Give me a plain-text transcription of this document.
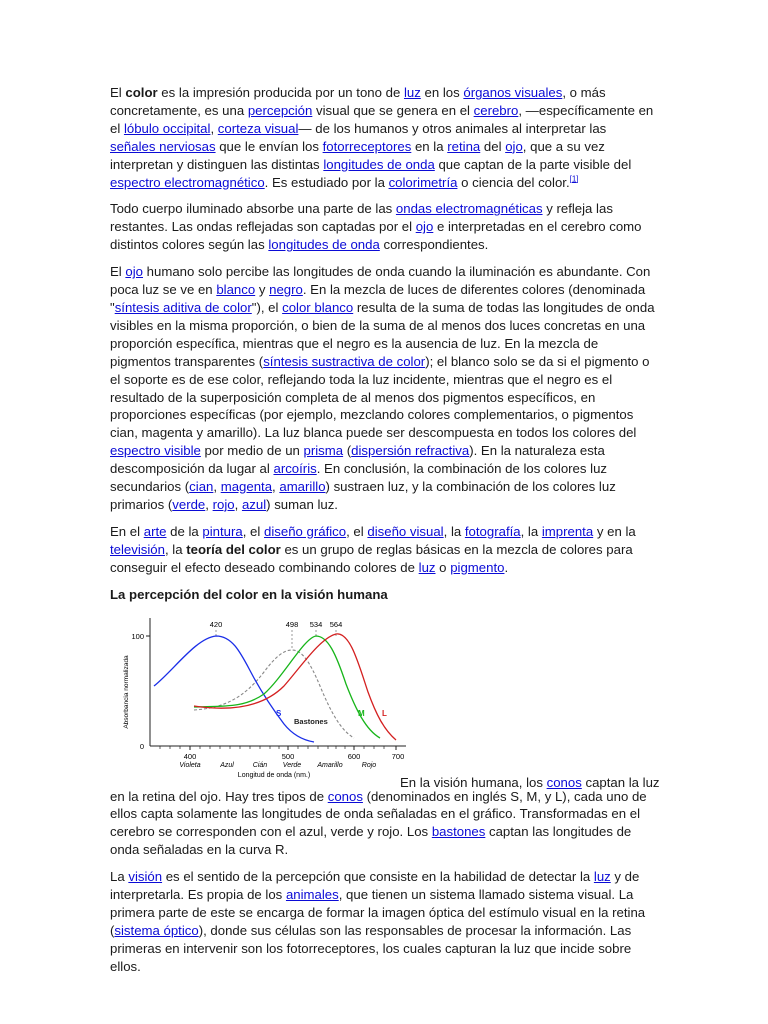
El color es la impresión producida por un tono de luz en los órganos visuales, o más concretamente, es una percepción visual que se genera en el cerebro, —específicamente en el lóbulo occipital, corteza visual— de los humanos y otros animales al interpretar las señales nerviosas que le envían los fotorreceptores en la retina del ojo, que a su vez interpretan y distinguen las distintas longitudes de onda que captan de la parte visible del espectro electromagnético. Es estudiado por la colorimetría o ciencia del color.[1]

Todo cuerpo iluminado absorbe una parte de las ondas electromagnéticas y refleja las restantes. Las ondas reflejadas son captadas por el ojo e interpretadas en el cerebro como distintos colores según las longitudes de onda correspondientes.

El ojo humano solo percibe las longitudes de onda cuando la iluminación es abundante. Con poca luz se ve en blanco y negro. En la mezcla de luces de diferentes colores (denominada "síntesis aditiva de color"), el color blanco resulta de la suma de todas las longitudes de onda visibles en la misma proporción, o bien de la suma de al menos dos luces concretas en una proporción específica, mientras que el negro es la ausencia de luz. En la mezcla de pigmentos transparentes (síntesis sustractiva de color); el blanco solo se da si el pigmento o el soporte es de ese color, reflejando toda la luz incidente, mientras que el negro es el resultado de la superposición completa de al menos dos pigmentos específicos, en proporciones específicas (por ejemplo, mezclando colores complementarios, o pigmentos cian, magenta y amarillo). La luz blanca puede ser descompuesta en todos los colores del espectro visible por medio de un prisma (dispersión refractiva). En la naturaleza esta descomposición da lugar al arcoíris. En conclusión, la combinación de los colores luz secundarios (cian, magenta, amarillo) sustraen luz, y la combinación de los colores luz primarios (verde, rojo, azul) suman luz.

En el arte de la pintura, el diseño gráfico, el diseño visual, la fotografía, la imprenta y en la televisión, la teoría del color es un grupo de reglas básicas en la mezcla de colores para conseguir el efecto deseado combinando colores de luz o pigmento.

La percepción del color en la visión humana
100
0
Absorbancia normalizada
400	500	600	700
Violeta	Azul	Cián Verde Amarillo	Rojo
Longitud de onda (nm.)
420	498 534 564
S	M L
Bastones
En la visión humana, los conos captan la luz

en la retina del ojo. Hay tres tipos de conos (denominados en inglés S, M, y L), cada uno de ellos capta solamente las longitudes de onda señaladas en el gráfico. Transformadas en el cerebro se corresponden con el azul, verde y rojo. Los bastones captan las longitudes de onda señaladas en la curva R.

La visión es el sentido de la percepción que consiste en la habilidad de detectar la luz y de interpretarla. Es propia de los animales, que tienen un sistema llamado sistema visual. La primera parte de este se encarga de formar la imagen óptica del estímulo visual en la retina (sistema óptico), donde sus células son las responsables de procesar la información. Las primeras en intervenir son los fotorreceptores, los cuales capturan la luz que incide sobre ellos.
